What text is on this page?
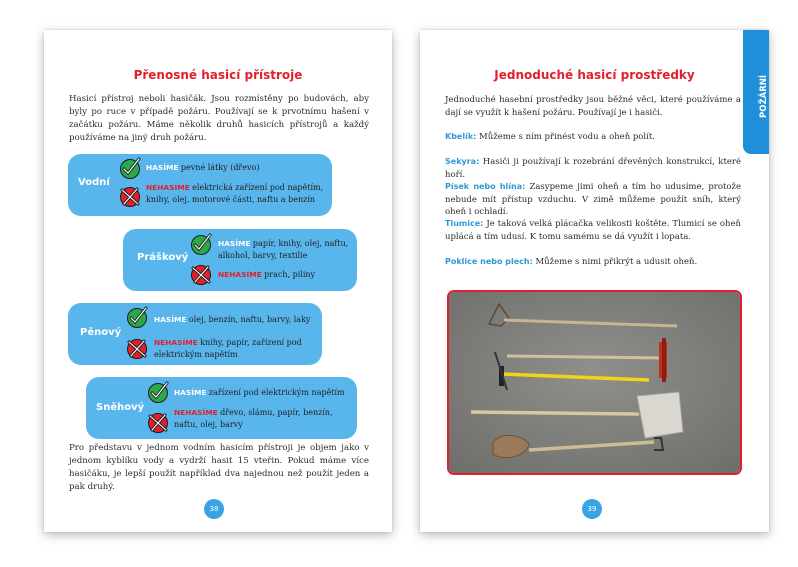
Přenosné hasicí přístroje

Hasicí přístroj neboli hasičák. Jsou rozmístěny po budovách, aby byly po ruce v případě požáru. Používají se k prvotnímu hašení v začátku požáru. Máme několik druhů hasicích přístrojů a každý používáme na jiný druh požáru.

Vodní
HASÍME pevné látky (dřevo)
NEHASÍME elektrická zařízení pod napětím, knihy, olej, motorové části, naftu a benzín
Práškový
HASÍME papír, knihy, olej, naftu, alkohol, barvy, textilie
NEHASÍME prach, piliny
Pěnový
HASÍME olej, benzín, naftu, barvy, laky
NEHASÍME knihy, papír, zařízení pod elektrickým napětím
Sněhový
HASÍME zařízení pod elektrickým napětím
NEHASÍME dřevo, slámu, papír, benzín, naftu, olej, barvy

Pro představu v jednom vodním hasicím přístroji je objem jako v jednom kyblíku vody a vydrží hasit 15 vteřin. Pokud máme více hasičáku, je lepší použít například dva najednou než použít jeden a pak druhý.

38
Jednoduché hasicí prostředky

Jednoduché hasební prostředky jsou běžné věci, které používáme a dají se využít k hašení požáru. Používají je i hasiči.

Kbelík: Můžeme s ním přinést vodu a oheň polít.

Sekyra: Hasiči ji používají k rozebrání dřevěných konstrukcí, které hoří.

Písek nebo hlína: Zasypeme jimi oheň a tím ho udusíme, protože nebude mít přístup vzduchu. V zimě můžeme použít sníh, který oheň i ochladí.

Tlumice: Je taková velká plácačka velikosti koštěte. Tlumicí se oheň uplácá a tím udusí. K tomu samému se dá využít i lopata.

Poklice nebo plech: Můžeme s nimi přikrýt a udusit oheň.

39
POŽÁRNÍ
